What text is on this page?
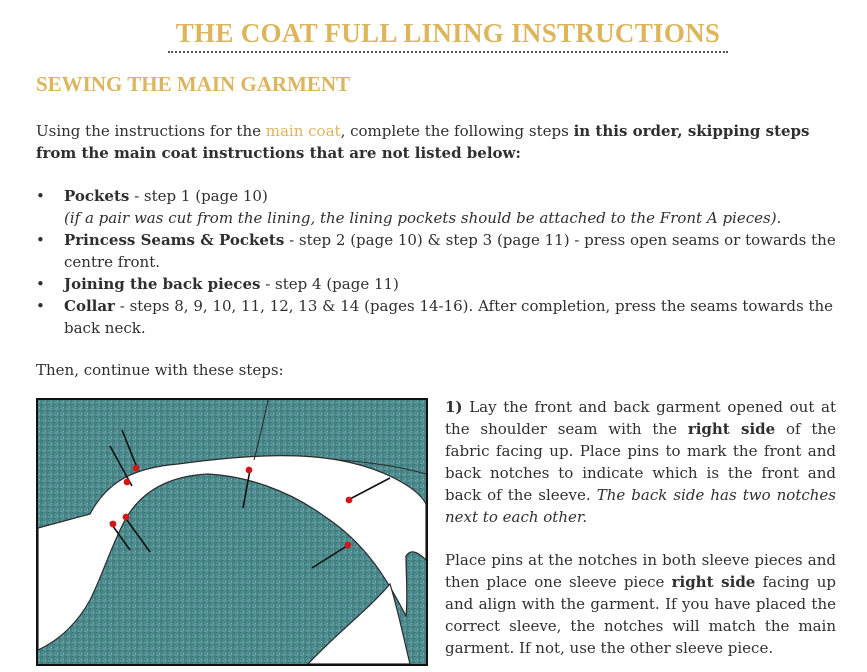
THE COAT FULL LINING INSTRUCTIONS
SEWING THE MAIN GARMENT
Using the instructions for the main coat, complete the following steps in this order, skipping steps from the main coat instructions that are not listed below:
• Pockets - step 1 (page 10)
(if a pair was cut from the lining, the lining pockets should be attached to the Front A pieces).
• Princess Seams & Pockets - step 2 (page 10) & step 3 (page 11) - press open seams or towards the centre front.
• Joining the back pieces - step 4 (page 11)
• Collar - steps 8, 9, 10, 11, 12, 13 & 14 (pages 14-16). After completion, press the seams towards the back neck.
Then, continue with these steps:
1) Lay the front and back garment opened out at the shoulder seam with the right side of the fabric facing up. Place pins to mark the front and back notches to indicate which is the front and back of the sleeve. The back side has two notches next to each other.
Place pins at the notches in both sleeve pieces and then place one sleeve piece right side facing up and align with the garment. If you have placed the correct sleeve, the notches will match the main garment. If not, use the other sleeve piece.
